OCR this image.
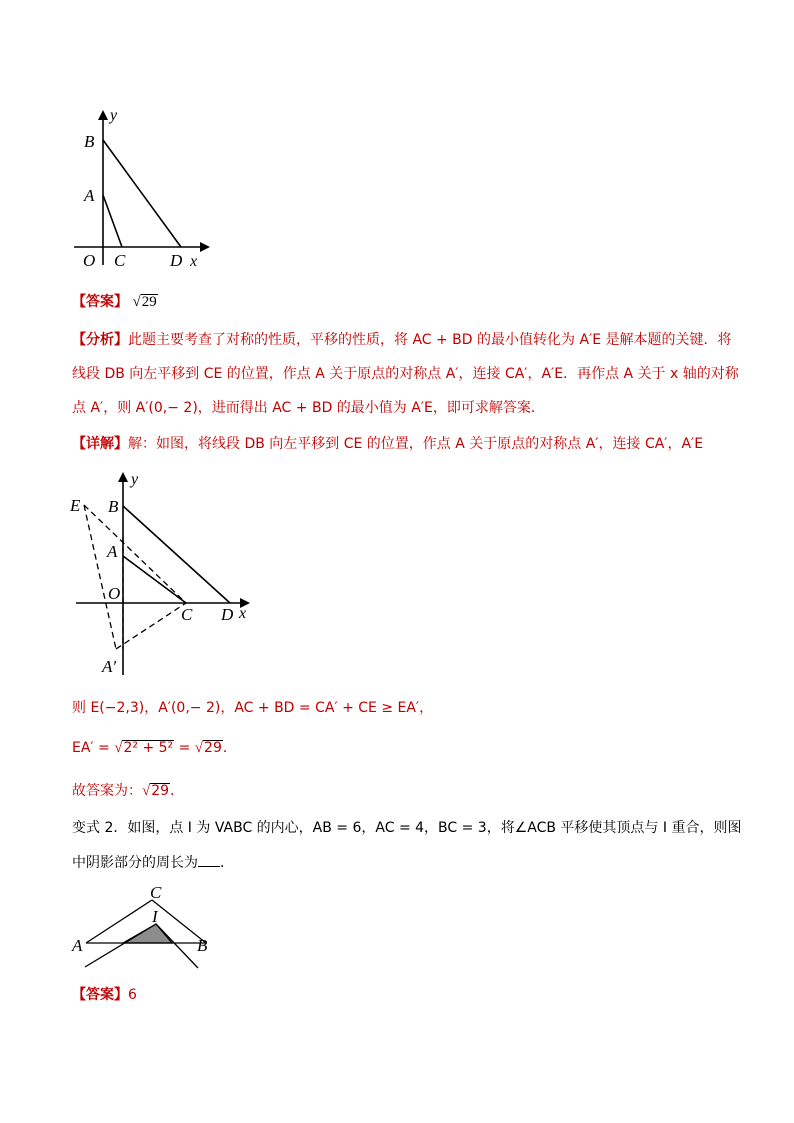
y
B
A
O C	D x
【答案】 √29
【分析】此题主要考查了对称的性质，平移的性质，将 AC + BD 的最小值转化为 A′E 是解本题的关键．将
线段 DB 向左平移到 CE 的位置，作点 A 关于原点的对称点 A′，连接 CA′，A′E．再作点 A 关于 x 轴的对称
点 A′，则 A′(0,− 2)，进而得出 AC + BD 的最小值为 A′E，即可求解答案．
【详解】解：如图，将线段 DB 向左平移到 CE 的位置，作点 A 关于原点的对称点 A′，连接 CA′，A′E
y
E B
A
O
C D x
A′
则 E(−2,3)，A′(0,− 2)，AC + BD = CA′ + CE ≥ EA′，
EA′ = √2² + 5² = √29．
故答案为：√29．
变式 2．如图，点 I 为 VABC 的内心，AB = 6，AC = 4，BC = 3，将∠ACB 平移使其顶点与 I 重合，则图
中阴影部分的周长为 ．
C
I
A	B
【答案】6
